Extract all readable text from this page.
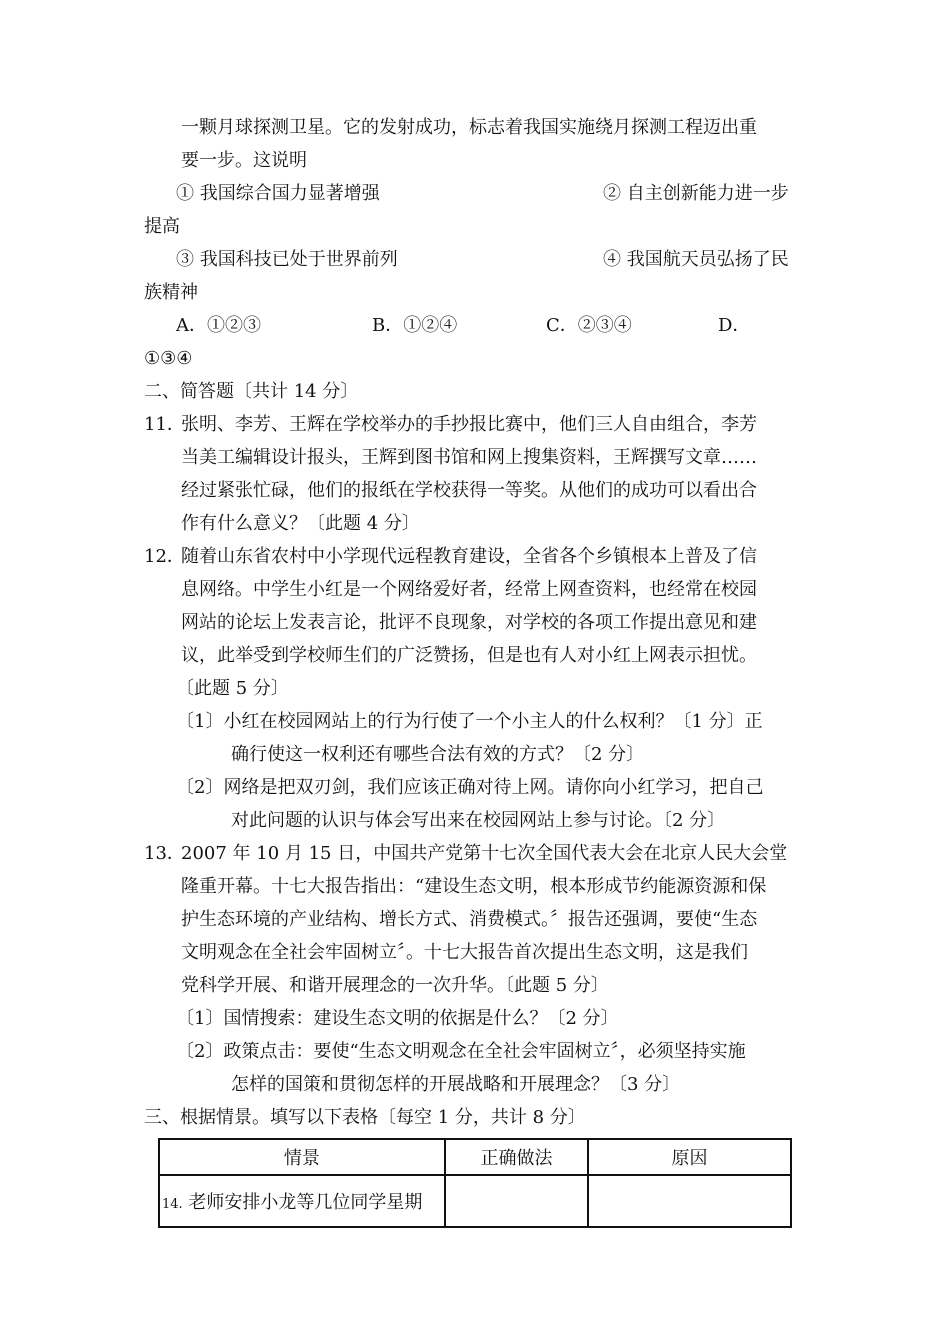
一颗月球探测卫星。它的发射成功，标志着我国实施绕月探测工程迈出重
要一步。这说明
① 我国综合国力显著增强	② 自主创新能力进一步
提高
③ 我国科技已处于世界前列	④ 我国航天员弘扬了民
族精神
A．①②③	B．①②④	C．②③④	D．
①③④
二、简答题〔共计 14 分〕
11．
张明、李芳、王辉在学校举办的手抄报比赛中，他们三人自由组合，李芳
当美工编辑设计报头，王辉到图书馆和网上搜集资料，王辉撰写文章……
经过紧张忙碌，他们的报纸在学校获得一等奖。从他们的成功可以看出合
作有什么意义？〔此题 4 分〕
12．
随着山东省农村中小学现代远程教育建设，全省各个乡镇根本上普及了信
息网络。中学生小红是一个网络爱好者，经常上网查资料，也经常在校园
网站的论坛上发表言论，批评不良现象，对学校的各项工作提出意见和建
议，此举受到学校师生们的广泛赞扬，但是也有人对小红上网表示担忧。
〔此题 5 分〕
〔1〕小红在校园网站上的行为行使了一个小主人的什么权利？〔1 分〕正
确行使这一权利还有哪些合法有效的方式？〔2 分〕
〔2〕网络是把双刃剑，我们应该正确对待上网。请你向小红学习，把自己
对此问题的认识与体会写出来在校园网站上参与讨论。〔2 分〕
13．
2007 年 10 月 15 日，中国共产党第十七次全国代表大会在北京人民大会堂
隆重开幕。十七大报告指出：“建设生态文明，根本形成节约能源资源和保
护生态环境的产业结构、增长方式、消费模式。〞报告还强调，要使“生态
文明观念在全社会牢固树立〞。十七大报告首次提出生态文明，这是我们
党科学开展、和谐开展理念的一次升华。〔此题 5 分〕
〔1〕国情搜索：建设生态文明的依据是什么？〔2 分〕
〔2〕政策点击：要使“生态文明观念在全社会牢固树立〞，必须坚持实施
怎样的国策和贯彻怎样的开展战略和开展理念？〔3 分〕
三、根据情景。填写以下表格〔每空 1 分，共计 8 分〕
情景	正确做法	原因
14. 老师安排小龙等几位同学星期		
